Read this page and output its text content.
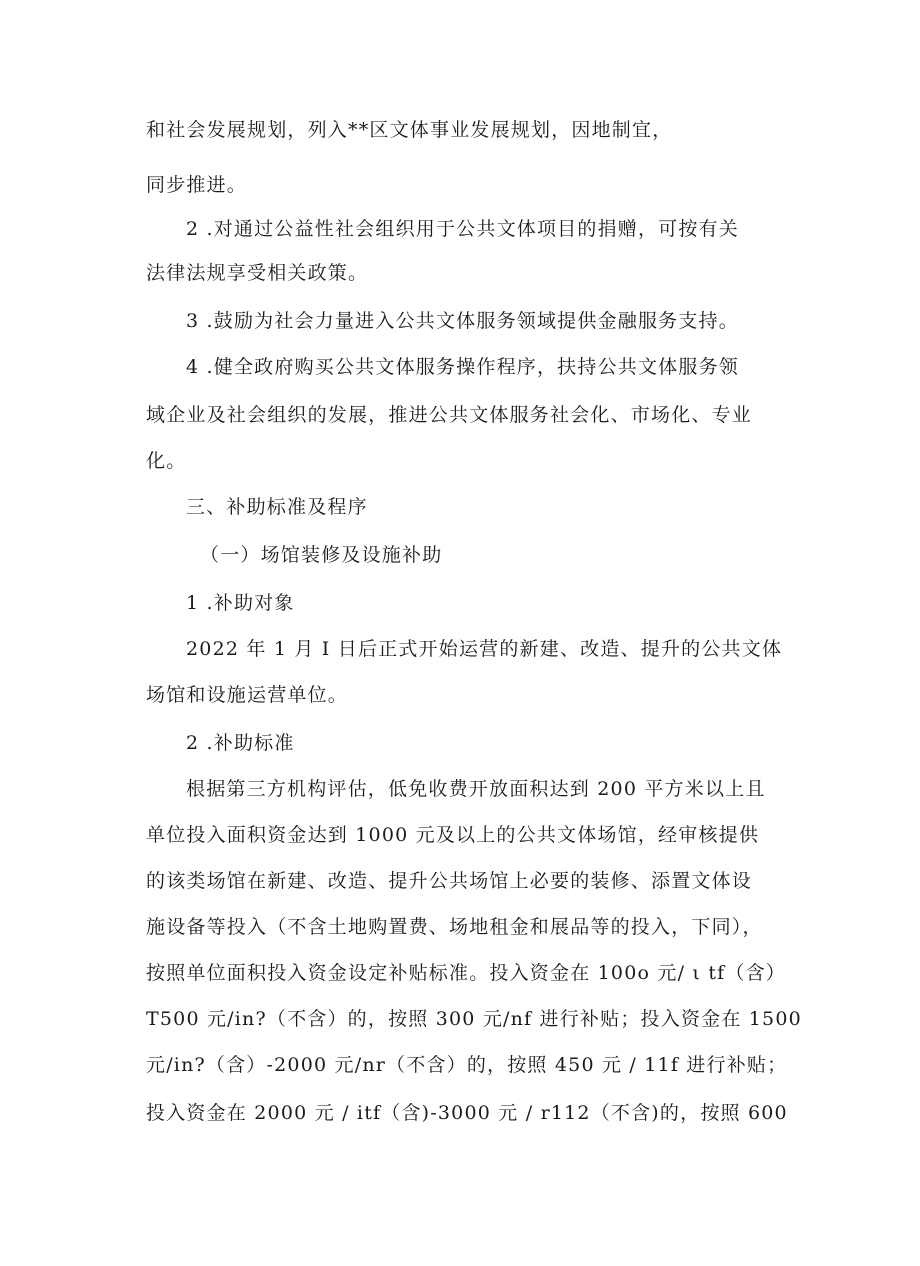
和社会发展规划，列入**区文体事业发展规划，因地制宜，
同步推进。
2 .对通过公益性社会组织用于公共文体项目的捐赠，可按有关
法律法规享受相关政策。
3 .鼓励为社会力量进入公共文体服务领域提供金融服务支持。
4 .健全政府购买公共文体服务操作程序，扶持公共文体服务领
域企业及社会组织的发展，推进公共文体服务社会化、市场化、专业
化。
三、补助标准及程序
（一）场馆装修及设施补助
1 .补助对象
2022 年 1 月 I 日后正式开始运营的新建、改造、提升的公共文体
场馆和设施运营单位。
2 .补助标准
根据第三方机构评估，低免收费开放面积达到 200 平方米以上且
单位投入面积资金达到 1000 元及以上的公共文体场馆，经审核提供
的该类场馆在新建、改造、提升公共场馆上必要的装修、添置文体设
施设备等投入（不含土地购置费、场地租金和展品等的投入，下同），
按照单位面积投入资金设定补贴标准。投入资金在 100o 元/ ι tf（含）
T500 元/in?（不含）的，按照 300 元/nf 进行补贴；投入资金在 1500
元/in?（含）-2000 元/nr（不含）的，按照 450 元 / 11f 进行补贴；
投入资金在 2000 元 / itf（含)-3000 元 / r112（不含)的，按照 600
